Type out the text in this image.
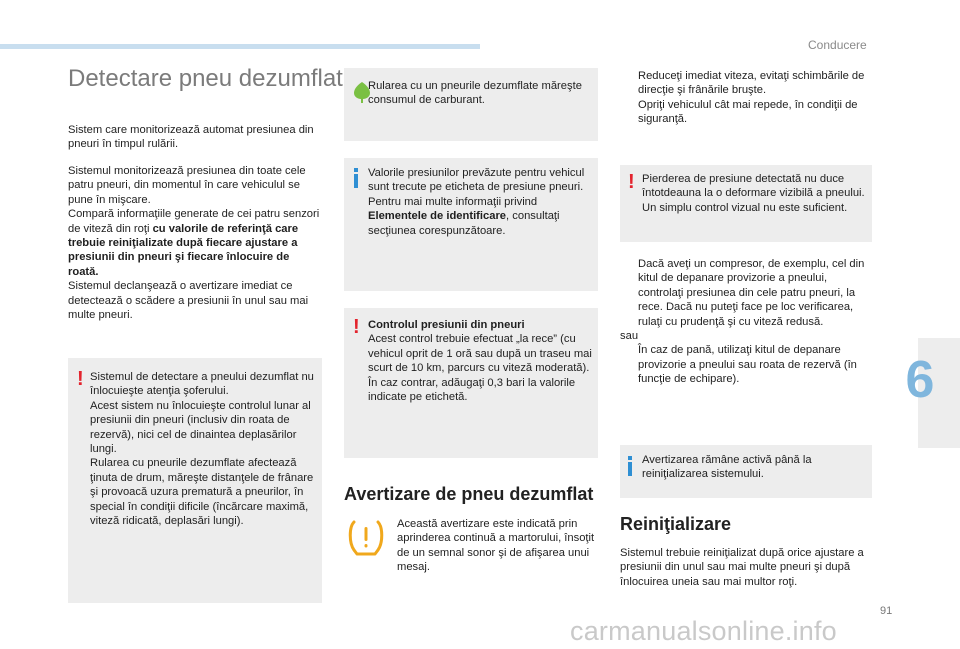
Conducere
6
91
carmanualsonline.info
Detectare pneu dezumflat

Sistem care monitorizează automat presiunea din pneuri în timpul rulării.

Sistemul monitorizează presiunea din toate cele patru pneuri, din momentul în care vehiculul se pune în mişcare.

Compară informaţiile generate de cei patru senzori de viteză din roţi cu valorile de referinţă care trebuie reiniţializate după fiecare ajustare a presiunii din pneuri şi fiecare înlocuire de roată.

Sistemul declanşează o avertizare imediat ce detectează o scădere a presiunii în unul sau mai multe pneuri.

! Sistemul de detectare a pneului dezumflat nu înlocuieşte atenţia şoferului.
Acest sistem nu înlocuieşte controlul lunar al presiunii din pneuri (inclusiv din roata de rezervă), nici cel de dinaintea deplasărilor lungi.
Rularea cu pneurile dezumflate afectează ţinuta de drum, măreşte distanţele de frânare şi provoacă uzura prematură a pneurilor, în special în condiţii dificile (încărcare maximă, viteză ridicată, deplasări lungi).
Rularea cu un pneurile dezumflate măreşte consumul de carburant.
Valorile presiunilor prevăzute pentru vehicul sunt trecute pe eticheta de presiune pneuri.
Pentru mai multe informaţii privind Elementele de identificare, consultaţi secţiunea corespunzătoare.
! Controlul presiunii din pneuri
Acest control trebuie efectuat „la rece” (cu vehicul oprit de 1 oră sau după un traseu mai scurt de 10 km, parcurs cu viteză moderată).
În caz contrar, adăugaţi 0,3 bari la valorile indicate pe etichetă.
Avertizare de pneu dezumflat

Această avertizare este indicată prin aprinderea continuă a martorului, însoţit de un semnal sonor şi de afişarea unui mesaj.

Reduceţi imediat viteza, evitaţi schimbările de direcţie şi frânările bruşte.
Opriţi vehiculul cât mai repede, în condiţii de siguranţă.
! Pierderea de presiune detectată nu duce întotdeauna la o deformare vizibilă a pneului. Un simplu control vizual nu este suficient.
Dacă aveţi un compresor, de exemplu, cel din kitul de depanare provizorie a pneului, controlaţi presiunea din cele patru pneuri, la rece. Dacă nu puteţi face pe loc verificarea, rulaţi cu prudenţă şi cu viteză redusă.
sau
În caz de pană, utilizaţi kitul de depanare provizorie a pneului sau roata de rezervă (în funcţie de echipare).
Avertizarea rămâne activă până la reiniţializarea sistemului.
Reiniţializare

Sistemul trebuie reiniţializat după orice ajustare a presiunii din unul sau mai multe pneuri şi după înlocuirea uneia sau mai multor roţi.
